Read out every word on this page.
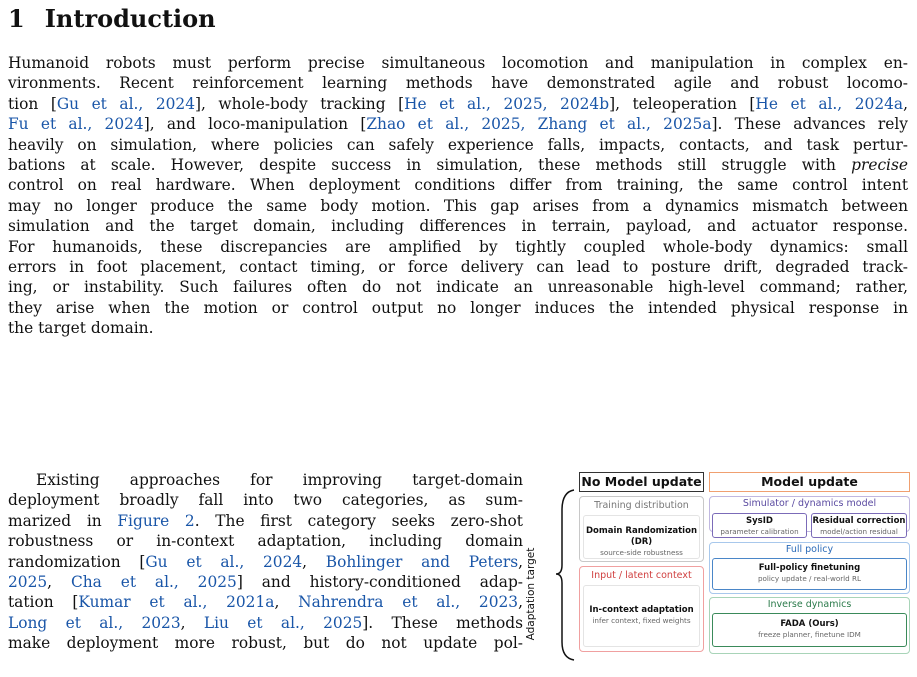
1 Introduction
Humanoid robots must perform precise simultaneous locomotion and manipulation in complex en-
vironments. Recent reinforcement learning methods have demonstrated agile and robust locomo-
tion [Gu et al., 2024], whole-body tracking [He et al., 2025, 2024b], teleoperation [He et al., 2024a,
Fu et al., 2024], and loco-manipulation [Zhao et al., 2025, Zhang et al., 2025a]. These advances rely
heavily on simulation, where policies can safely experience falls, impacts, contacts, and task pertur-
bations at scale. However, despite success in simulation, these methods still struggle with precise
control on real hardware. When deployment conditions differ from training, the same control intent
may no longer produce the same body motion. This gap arises from a dynamics mismatch between
simulation and the target domain, including differences in terrain, payload, and actuator response.
For humanoids, these discrepancies are amplified by tightly coupled whole-body dynamics: small
errors in foot placement, contact timing, or force delivery can lead to posture drift, degraded track-
ing, or instability. Such failures often do not indicate an unreasonable high-level command; rather,
they arise when the motion or control output no longer induces the intended physical response in
the target domain.
Existing approaches for improving target-domain
deployment broadly fall into two categories, as sum-
marized in Figure 2. The first category seeks zero-shot
robustness or in-context adaptation, including domain
randomization [Gu et al., 2024, Bohlinger and Peters,
2025, Cha et al., 2025] and history-conditioned adap-
tation [Kumar et al., 2021a, Nahrendra et al., 2023,
Long et al., 2023, Liu et al., 2025]. These methods
make deployment more robust, but do not update pol-
Adaptation target
No Model update	Model update
Training distribution
Domain Randomization (DR)
source-side robustness
Input / latent context
In-context adaptation
infer context, fixed weights
Simulator / dynamics model
SysID
parameter calibration
Residual correction
model/action residual
Full policy
Full-policy finetuning
policy update / real-world RL
Inverse dynamics
FADA (Ours)
freeze planner, finetune IDM
